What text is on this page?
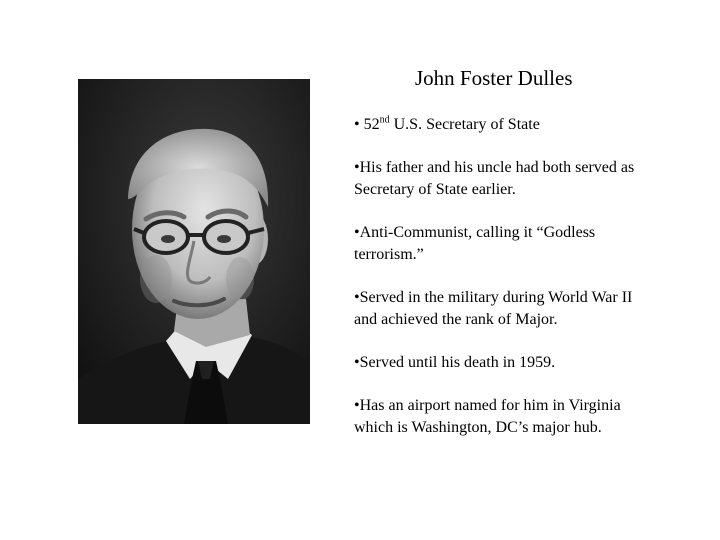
John Foster Dulles
• 52nd U.S. Secretary of State
•His father and his uncle had both served as Secretary of State earlier.
•Anti-Communist, calling it “Godless terrorism.”
•Served in the military during World War II and achieved the rank of Major.
•Served until his death in 1959.
•Has an airport named for him in Virginia which is Washington, DC’s major hub.
